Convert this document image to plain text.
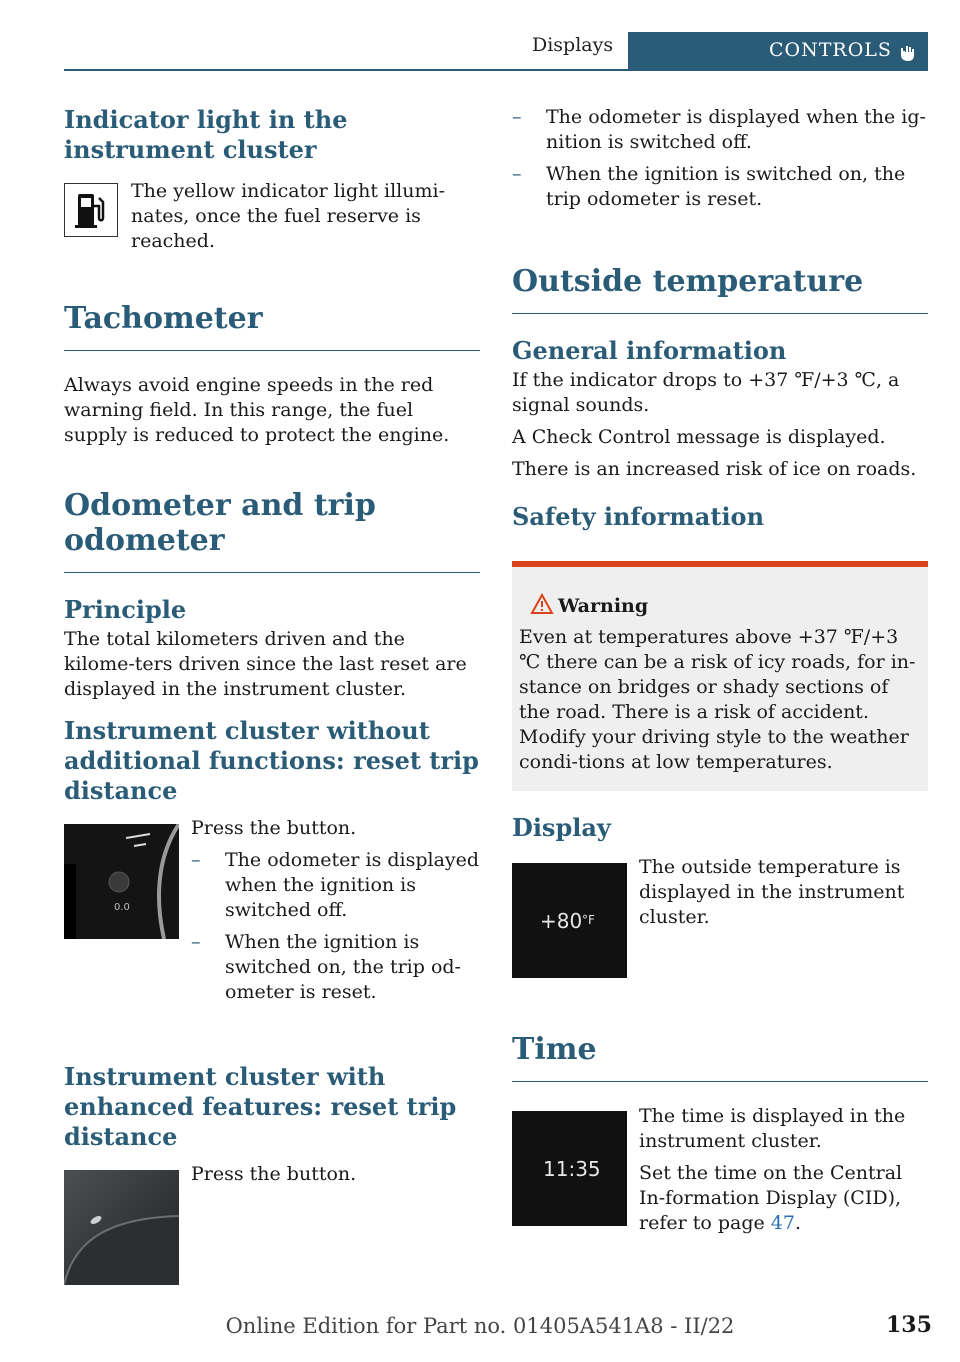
Displays	CONTROLS
Indicator light in the instrument cluster
The yellow indicator light illumi-nates, once the fuel reserve is reached.
Tachometer
Always avoid engine speeds in the red warning field. In this range, the fuel supply is reduced to protect the engine.
Odometer and trip odometer
Principle
The total kilometers driven and the kilome-ters driven since the last reset are displayed in the instrument cluster.
Instrument cluster without additional functions: reset trip distance
0.0
Press the button.
– The odometer is displayed when the ignition is switched off.
– When the ignition is switched on, the trip od-ometer is reset.
Instrument cluster with enhanced features: reset trip distance
Press the button.
– The odometer is displayed when the ig-nition is switched off.
– When the ignition is switched on, the trip odometer is reset.
Outside temperature
General information
If the indicator drops to +37 ℉/+3 ℃, a signal sounds.
A Check Control message is displayed.
There is an increased risk of ice on roads.
Safety information
Warning
Even at temperatures above +37 ℉/+3 ℃ there can be a risk of icy roads, for in-stance on bridges or shady sections of the road. There is a risk of accident. Modify your driving style to the weather condi-tions at low temperatures.
Display
+80 °F
The outside temperature is displayed in the instrument cluster.
Time
11:35
The time is displayed in the instrument cluster.
Set the time on the Central In-formation Display (CID), refer to page 47.
Online Edition for Part no. 01405A541A8 - II/22	135
